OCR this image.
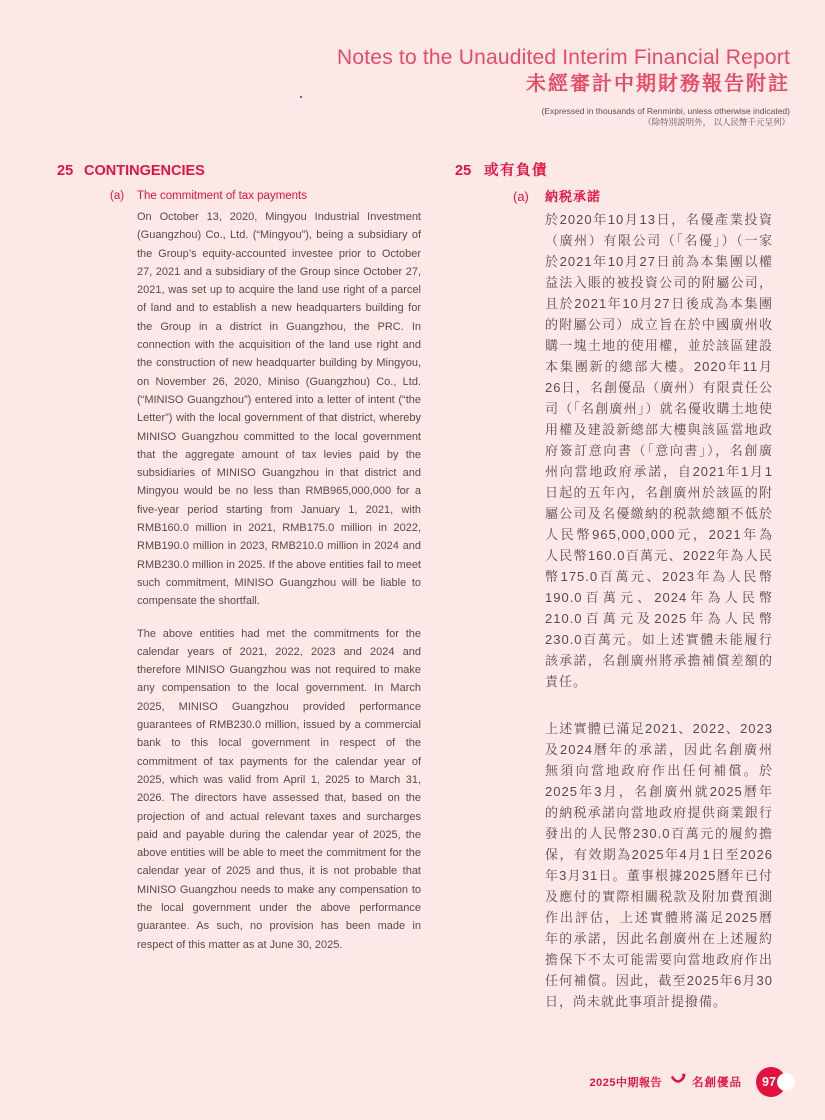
Notes to the Unaudited Interim Financial Report
未經審計中期財務報告附註
(Expressed in thousands of Renminbi, unless otherwise indicated)
（除特別説明外， 以人民幣千元呈列）
25 CONTINGENCIES
(a)	The commitment of tax payments

On October 13, 2020, Mingyou Industrial Investment (Guangzhou) Co., Ltd. (“Mingyou”), being a subsidiary of the Group’s equity-accounted investee prior to October 27, 2021 and a subsidiary of the Group since October 27, 2021, was set up to acquire the land use right of a parcel of land and to establish a new headquarters building for the Group in a district in Guangzhou, the PRC. In connection with the acquisition of the land use right and the construction of new headquarter building by Mingyou, on November 26, 2020, Miniso (Guangzhou) Co., Ltd. (“MINISO Guangzhou”) entered into a letter of intent (“the Letter”) with the local government of that district, whereby MINISO Guangzhou committed to the local government that the aggregate amount of tax levies paid by the subsidiaries of MINISO Guangzhou in that district and Mingyou would be no less than RMB965,000,000 for a five-year period starting from January 1, 2021, with RMB160.0 million in 2021, RMB175.0 million in 2022, RMB190.0 million in 2023, RMB210.0 million in 2024 and RMB230.0 million in 2025. If the above entities fail to meet such commitment, MINISO Guangzhou will be liable to compensate the shortfall.

The above entities had met the commitments for the calendar years of 2021, 2022, 2023 and 2024 and therefore MINISO Guangzhou was not required to make any compensation to the local government. In March 2025, MINISO Guangzhou provided performance guarantees of RMB230.0 million, issued by a commercial bank to this local government in respect of the commitment of tax payments for the calendar year of 2025, which was valid from April 1, 2025 to March 31, 2026. The directors have assessed that, based on the projection of and actual relevant taxes and surcharges paid and payable during the calendar year of 2025, the above entities will be able to meet the commitment for the calendar year of 2025 and thus, it is not probable that MINISO Guangzhou needs to make any compensation to the local government under the above performance guarantee. As such, no provision has been made in respect of this matter as at June 30, 2025.

25 或有負債
(a)	納税承諾

於2020年10月13日，名優產業投資（廣州）有限公司（「名優」）（一家於2021年10月27日前為本集團以權益法入賬的被投資公司的附屬公司，且於2021年10月27日後成為本集團的附屬公司）成立旨在於中國廣州收購一塊土地的使用權，並於該區建設本集團新的總部大樓。2020年11月26日，名創優品（廣州）有限責任公司（「名創廣州」）就名優收購土地使用權及建設新總部大樓與該區當地政府簽訂意向書（「意向書」），名創廣州向當地政府承諾，自2021年1月1日起的五年內，名創廣州於該區的附屬公司及名優繳納的税款總額不低於人民幣965,000,000元，2021年為人民幣160.0百萬元、2022年為人民幣175.0百萬元、2023年為人民幣190.0百萬元、2024年為人民幣210.0百萬元及2025年為人民幣230.0百萬元。如上述實體未能履行該承諾，名創廣州將承擔補償差額的責任。

上述實體已滿足2021、2022、2023及2024曆年的承諾，因此名創廣州無須向當地政府作出任何補償。於2025年3月，名創廣州就2025曆年的納税承諾向當地政府提供商業銀行發出的人民幣230.0百萬元的履約擔保，有效期為2025年4月1日至2026年3月31日。董事根據2025曆年已付及應付的實際相關税款及附加費預測作出評估，上述實體將滿足2025曆年的承諾，因此名創廣州在上述履約擔保下不太可能需要向當地政府作出任何補償。因此，截至2025年6月30日，尚未就此事項計提撥備。

2025中期報告	名創優品 97
